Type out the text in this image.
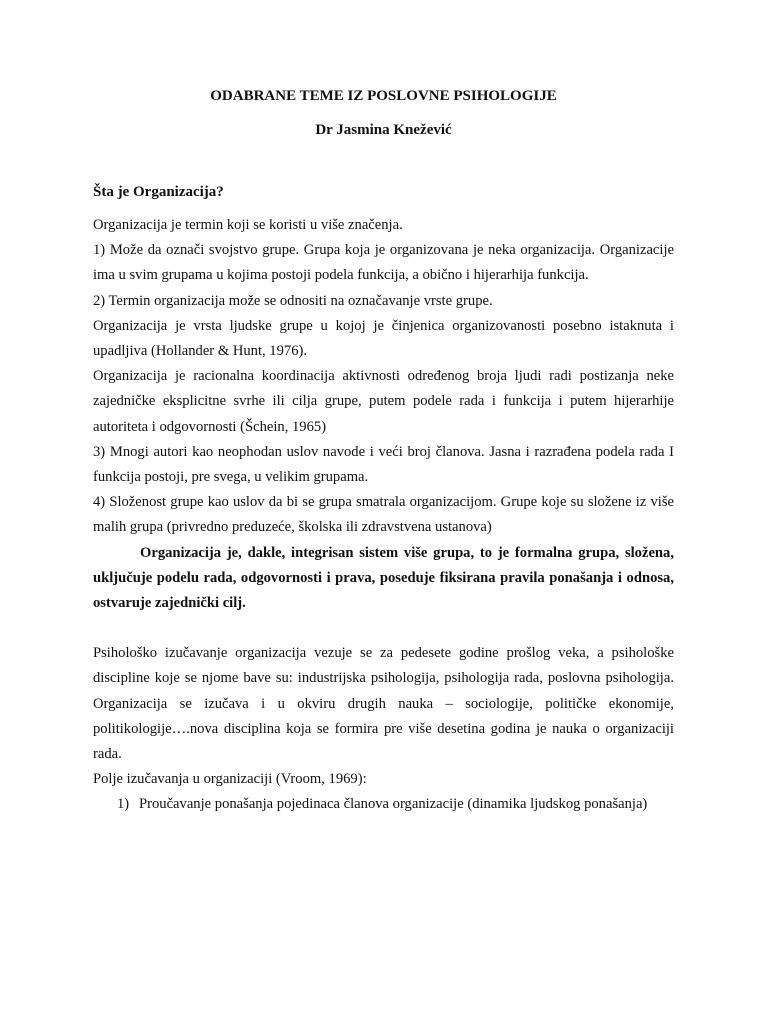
ODABRANE TEME IZ POSLOVNE PSIHOLOGIJE
Dr Jasmina Knežević
Šta je Organizacija?

Organizacija je termin koji se koristi u više značenja.

1) Može da označi svojstvo grupe. Grupa koja je organizovana je neka organizacija. Organizacije ima u svim grupama u kojima postoji podela funkcija, a obično i hijerarhija funkcija.

2) Termin organizacija može se odnositi na označavanje vrste grupe.

Organizacija je vrsta ljudske grupe u kojoj je činjenica organizovanosti posebno istaknuta i upadljiva (Hollander & Hunt, 1976).

Organizacija je racionalna koordinacija aktivnosti određenog broja ljudi radi postizanja neke zajedničke eksplicitne svrhe ili cilja grupe, putem podele rada i funkcija i putem hijerarhije autoriteta i odgovornosti (Šchein, 1965)

3) Mnogi autori kao neophodan uslov navode i veći broj članova. Jasna i razrađena podela rada I funkcija postoji, pre svega, u velikim grupama.

4) Složenost grupe kao uslov da bi se grupa smatrala organizacijom. Grupe koje su složene iz više malih grupa (privredno preduzeće, školska ili zdravstvena ustanova)

Organizacija je, dakle, integrisan sistem više grupa, to je formalna grupa, složena, uključuje podelu rada, odgovornosti i prava, poseduje fiksirana pravila ponašanja i odnosa, ostvaruje zajednički cilj.

Psihološko izučavanje organizacija vezuje se za pedesete godine prošlog veka, a psihološke discipline koje se njome bave su: industrijska psihologija, psihologija rada, poslovna psihologija. Organizacija se izučava i u okviru drugih nauka – sociologije, političke ekonomije, politikologije….nova disciplina koja se formira pre više desetina godina je nauka o organizaciji rada.

Polje izučavanja u organizaciji (Vroom, 1969):

1) Proučavanje ponašanja pojedinaca članova organizacije (dinamika ljudskog ponašanja)
